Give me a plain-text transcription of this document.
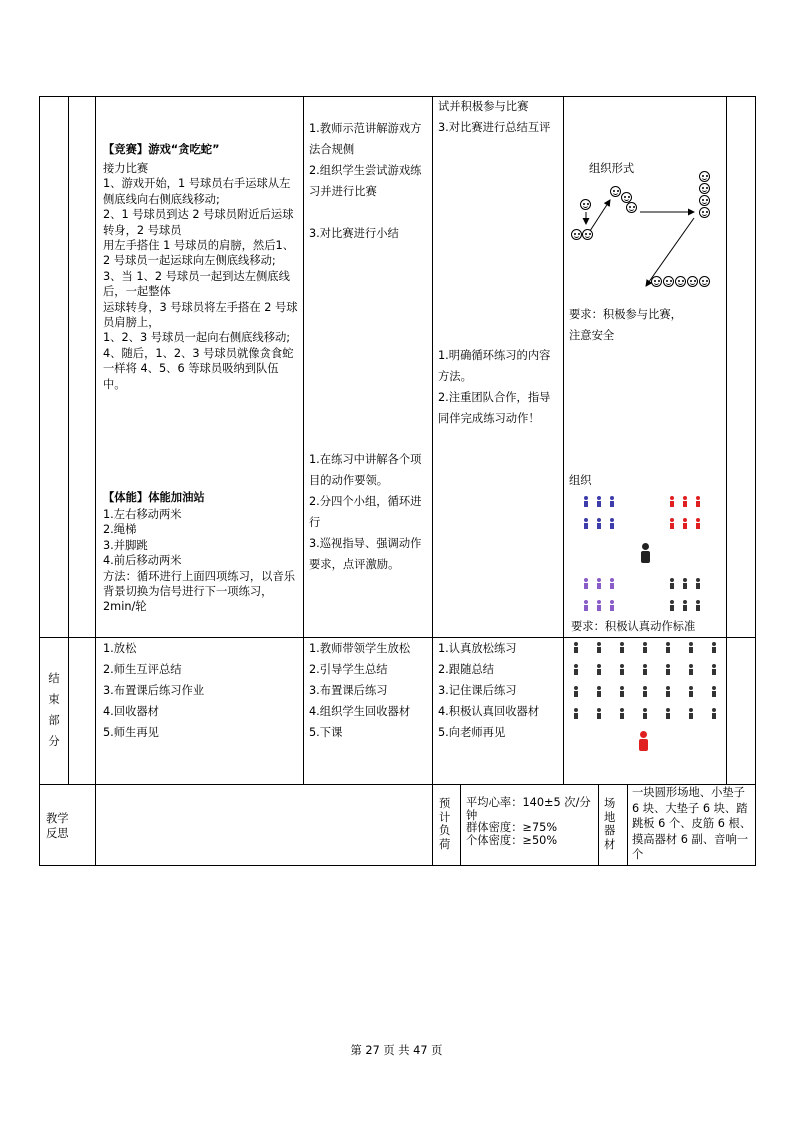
【竞赛】游戏“贪吃蛇”
接力比赛
1、游戏开始，1 号球员右手运球从左侧底线向右侧底线移动;
2、1 号球员到达 2 号球员附近后运球转身，2 号球员
用左手搭住 1 号球员的肩膀，然后1、2 号球员一起运球向左侧底线移动;
3、当 1、2 号球员一起到达左侧底线后，一起整体
运球转身，3 号球员将左手搭在 2 号球员肩膀上，
1、2、3 号球员一起向右侧底线移动;
4、随后，1、2、3 号球员就像贪食蛇一样将 4、5、6 等球员吸纳到队伍中。
1.教师示范讲解游戏方法合规侧
2.组织学生尝试游戏练习并进行比赛

3.对比赛进行小结
试并积极参与比赛
3.对比赛进行总结互评
组织形式
要求：积极参与比赛，
注意安全
【体能】体能加油站
1.左右移动两米
2.绳梯
3.并脚跳
4.前后移动两米
方法：循环进行上面四项练习，以音乐背景切换为信号进行下一项练习，2min/轮
1.在练习中讲解各个项目的动作要领。
2.分四个小组，循环进行
3.巡视指导、强调动作要求，点评激励。
1.明确循环练习的内容方法。
2.注重团队合作，指导同伴完成练习动作！
组织
要求：积极认真动作标准
结
束
部
分
1.放松
2.师生互评总结
3.布置课后练习作业
4.回收器材
5.师生再见
1.教师带领学生放松
2.引导学生总结
3.布置课后练习
4.组织学生回收器材
5.下课
1.认真放松练习
2.跟随总结
3.记住课后练习
4.积极认真回收器材
5.向老师再见
教学
反思
预
计
负
荷
平均心率：140±5 次/分钟
群体密度：≥75%
个体密度：≥50%
场
地
器
材
一块圆形场地、小垫子 6 块、大垫子 6 块、踏跳板 6 个、皮筋 6 根、摸高器材 6 副、音响一个
第 27 页 共 47 页
